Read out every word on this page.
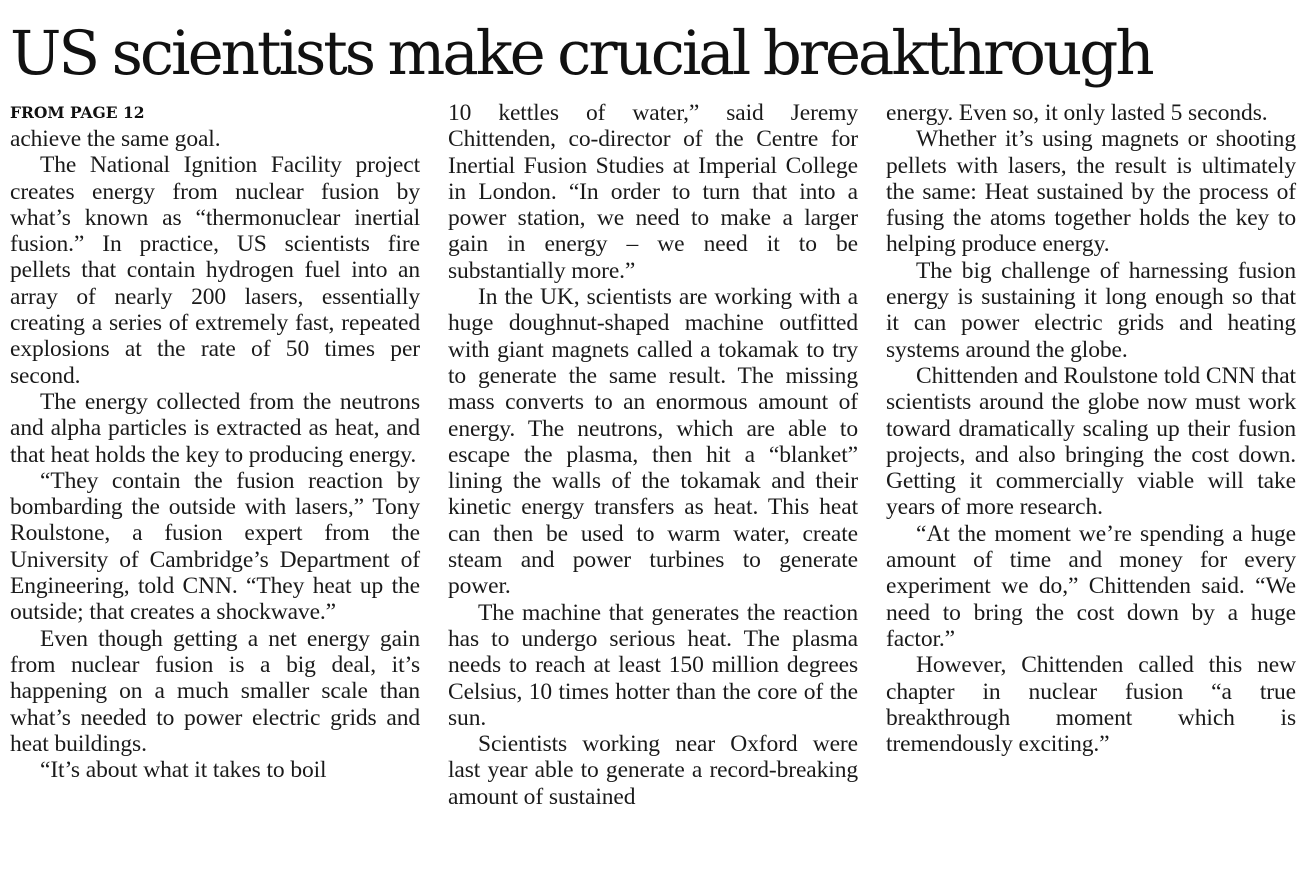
US scientists make crucial breakthrough
FROM PAGE 12

achieve the same goal.

The National Ignition Facility project creates energy from nuclear fusion by what’s known as “thermonuclear inertial fusion.” In practice, US scientists fire pellets that contain hydrogen fuel into an array of nearly 200 lasers, essentially creating a series of extremely fast, repeated explosions at the rate of 50 times per second.

The energy collected from the neutrons and alpha particles is extracted as heat, and that heat holds the key to producing energy.

“They contain the fusion reaction by bombarding the outside with lasers,” Tony Roulstone, a fusion expert from the University of Cambridge’s Department of Engineering, told CNN. “They heat up the outside; that creates a shockwave.”

Even though getting a net energy gain from nuclear fusion is a big deal, it’s happening on a much smaller scale than what’s needed to power electric grids and heat buildings.

“It’s about what it takes to boil

10 kettles of water,” said Jeremy Chittenden, co-director of the Centre for Inertial Fusion Studies at Imperial College in London. “In order to turn that into a power station, we need to make a larger gain in energy – we need it to be substantially more.”

In the UK, scientists are working with a huge doughnut-shaped machine outfitted with giant magnets called a tokamak to try to generate the same result. The missing mass converts to an enormous amount of energy. The neutrons, which are able to escape the plasma, then hit a “blanket” lining the walls of the tokamak and their kinetic energy transfers as heat. This heat can then be used to warm water, create steam and power turbines to generate power.

The machine that generates the reaction has to undergo serious heat. The plasma needs to reach at least 150 million degrees Celsius, 10 times hotter than the core of the sun.

Scientists working near Oxford were last year able to generate a record-breaking amount of sustained

energy. Even so, it only lasted 5 seconds.

Whether it’s using magnets or shooting pellets with lasers, the result is ultimately the same: Heat sustained by the process of fusing the atoms together holds the key to helping produce energy.

The big challenge of harnessing fusion energy is sustaining it long enough so that it can power electric grids and heating systems around the globe.

Chittenden and Roulstone told CNN that scientists around the globe now must work toward dramatically scaling up their fusion projects, and also bringing the cost down. Getting it commercially viable will take years of more research.

“At the moment we’re spending a huge amount of time and money for every experiment we do,” Chittenden said. “We need to bring the cost down by a huge factor.”

However, Chittenden called this new chapter in nuclear fusion “a true breakthrough moment which is tremendously exciting.”
